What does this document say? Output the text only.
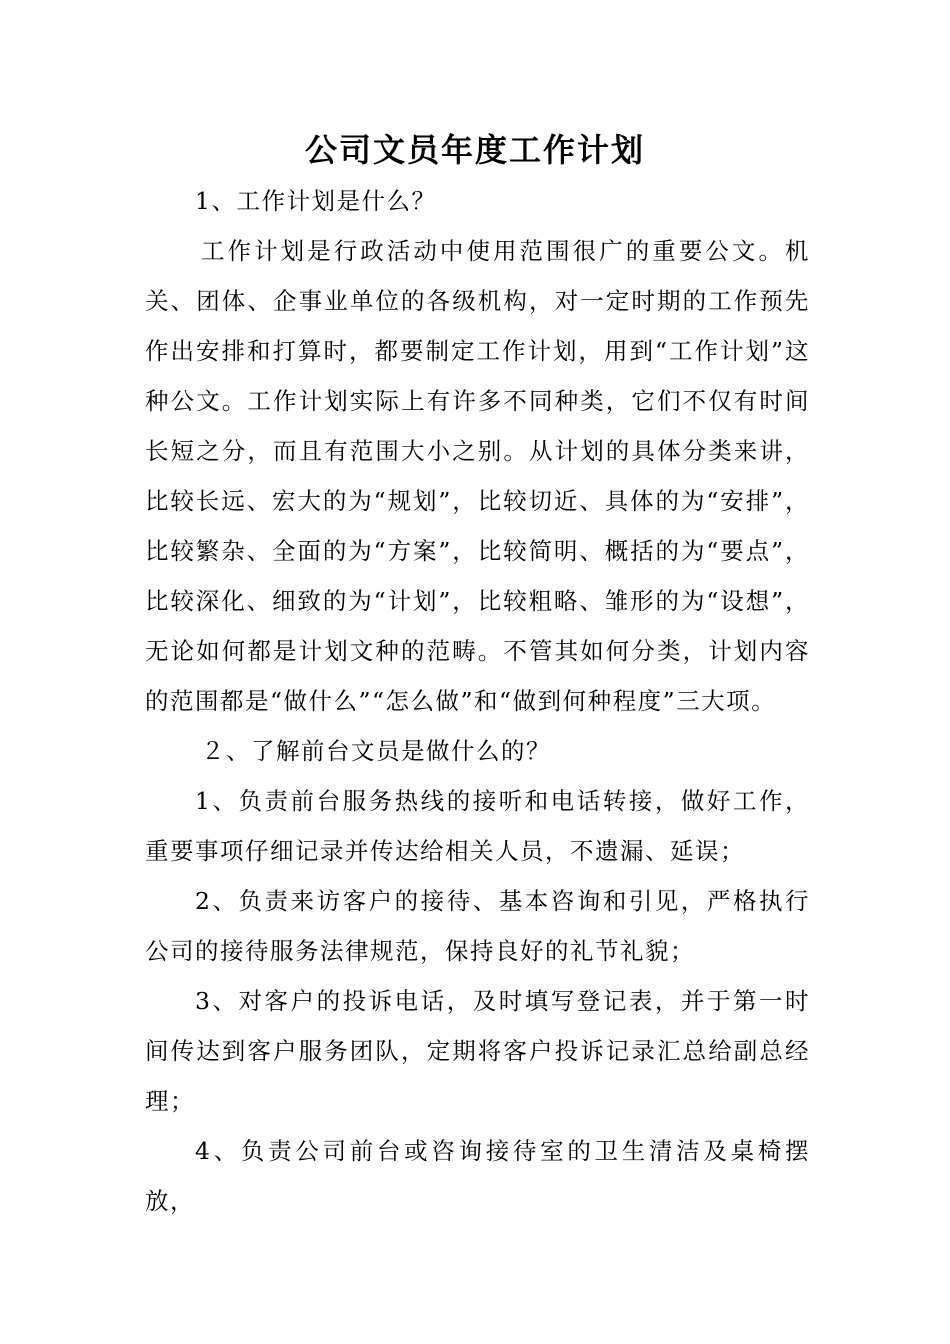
公司文员年度工作计划

1、工作计划是什么？

工作计划是行政活动中使用范围很广的重要公文。机关、团体、企事业单位的各级机构，对一定时期的工作预先作出安排和打算时，都要制定工作计划，用到“工作计划”这种公文。工作计划实际上有许多不同种类，它们不仅有时间长短之分，而且有范围大小之别。从计划的具体分类来讲，比较长远、宏大的为“规划”，比较切近、具体的为“安排”，比较繁杂、全面的为“方案”，比较简明、概括的为“要点”，比较深化、细致的为“计划”，比较粗略、雏形的为“设想”，无论如何都是计划文种的范畴。不管其如何分类，计划内容的范围都是“做什么”“怎么做”和“做到何种程度”三大项。

２、了解前台文员是做什么的？

1、负责前台服务热线的接听和电话转接，做好工作，重要事项仔细记录并传达给相关人员，不遗漏、延误；

2、负责来访客户的接待、基本咨询和引见，严格执行公司的接待服务法律规范，保持良好的礼节礼貌；

3、对客户的投诉电话，及时填写登记表，并于第一时间传达到客户服务团队，定期将客户投诉记录汇总给副总经理；

4、负责公司前台或咨询接待室的卫生清洁及桌椅摆放，
